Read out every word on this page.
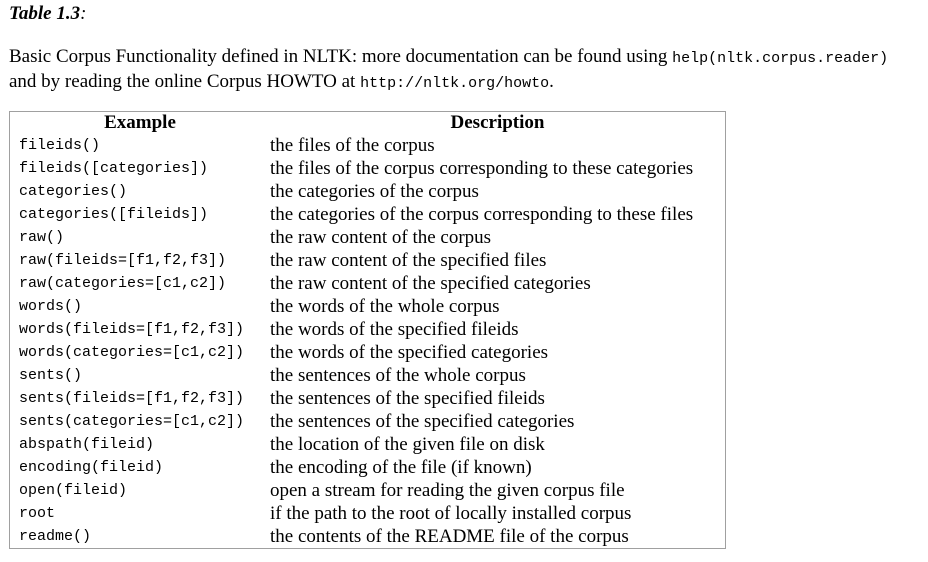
Table 1.3:
Basic Corpus Functionality defined in NLTK: more documentation can be found using help(nltk.corpus.reader)
and by reading the online Corpus HOWTO at http://nltk.org/howto.
Example	Description
fileids()	the files of the corpus
fileids([categories])	the files of the corpus corresponding to these categories
categories()	the categories of the corpus
categories([fileids])	the categories of the corpus corresponding to these files
raw()	the raw content of the corpus
raw(fileids=[f1,f2,f3])	the raw content of the specified files
raw(categories=[c1,c2])	the raw content of the specified categories
words()	the words of the whole corpus
words(fileids=[f1,f2,f3])	the words of the specified fileids
words(categories=[c1,c2])	the words of the specified categories
sents()	the sentences of the whole corpus
sents(fileids=[f1,f2,f3])	the sentences of the specified fileids
sents(categories=[c1,c2])	the sentences of the specified categories
abspath(fileid)	the location of the given file on disk
encoding(fileid)	the encoding of the file (if known)
open(fileid)	open a stream for reading the given corpus file
root	if the path to the root of locally installed corpus
readme()	the contents of the README file of the corpus
